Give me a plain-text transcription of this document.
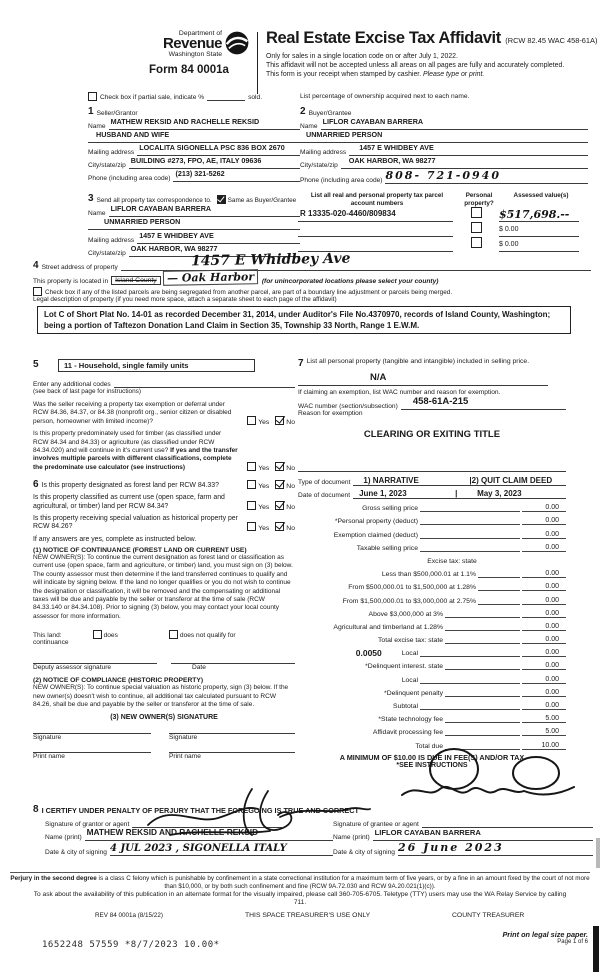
Department of
Revenue
Washington State
Form 84 0001a
Real Estate Excise Tax Affidavit (RCW 82.45 WAC 458-61A)
Only for sales in a single location code on or after July 1, 2022.
This affidavit will not be accepted unless all areas on all pages are fully and accurately completed.
This form is your receipt when stamped by cashier. Please type or print.
Check box if partial sale, indicate %	sold.	List percentage of ownership acquired next to each name.
1 Seller/Grantor
Name
MATHEW REKSID AND RACHELLE REKSID
HUSBAND AND WIFE
Mailing address
LOCALITA SIGONELLA PSC 836 BOX 2670
City/state/zip
BUILDING #273, FPO, AE, ITALY 09636
Phone (including area code)
(213) 321-5262
2 Buyer/Grantee
Name
LIFLOR CAYABAN BARRERA
UNMARRIED PERSON
Mailing address
1457 E WHIDBEY AVE
City/state/zip
OAK HARBOR, WA 98277
Phone (including area code) 808- 721-0940
3 Send all property tax correspondence to.	Same as Buyer/Grantee
Name
LIFLOR CAYABAN BARRERA
UNMARRIED PERSON
Mailing address
1457 E WHIDBEY AVE
City/state/zip
OAK HARBOR, WA 98277
List all real and personal property tax parcel account numbers
Personal property?
Assessed value(s)
R 13335-020-4460/809834	$517,698.--
$ 0.00
$ 0.00
4 Street address of property	1457 E Whidbey Ave
This property is located in	Island County — Oak Harbor	(for unincorporated locations please select your county)
Check box if any of the listed parcels are being segregated from another parcel, are part of a boundary line adjustment or parcels being merged.
Legal description of property (if you need more space, attach a separate sheet to each page of the affidavit)
Lot C of Short Plat No. 14-01 as recorded December 31, 2014, under Auditor's File No.4370970, records of Island County, Washington; being a portion of Taftezon Donation Land Claim in Section 35, Township 33 North, Range 1 E.W.M.
5	11 - Household, single family units
Enter any additional codes
(see back of last page for instructions)
Was the seller receiving a property tax exemption or deferral under RCW 84.36, 84.37, or 84.38 (nonprofit org., senior citizen or disabled person, homeowner with limited income)?	Yes	No
Is this property predominately used for timber (as classified under RCW 84.34 and 84.33) or agriculture (as classified under RCW 84.34.020) and will continue in it's current use? If yes and the transfer involves multiple parcels with different classifications, complete the predominate use calculator (see instructions)	Yes	No
6 Is this property designated as forest land per RCW 84.33?	Yes	No
Is this property classified as current use (open space, farm and agricultural, or timber) land per RCW 84.34?	Yes	No
Is this property receiving special valuation as historical property per RCW 84.26?	Yes	No
If any answers are yes, complete as instructed below.
(1) NOTICE OF CONTINUANCE (FOREST LAND OR CURRENT USE)
NEW OWNER(S): To continue the current designation as forest land or classification as current use (open space, farm and agriculture, or timber) land, you must sign on (3) below. The county assessor must then determine if the land transferred continues to qualify and will indicate by signing below. If the land no longer qualifies or you do not wish to continue the designation or classification, it will be removed and the compensating or additional taxes will be due and payable by the seller or transferor at the time of sale (RCW 84.33.140 or 84.34.108). Prior to signing (3) below, you may contact your local county assessor for more information.
This land:	does	does not qualify for
continuance
Deputy assessor signature	Date
(2) NOTICE OF COMPLIANCE (HISTORIC PROPERTY)
NEW OWNER(S): To continue special valuation as historic property, sign (3) below. If the new owner(s) doesn't wish to continue, all additional tax calculated pursuant to RCW 84.26, shall be due and payable by the seller or transferor at the time of sale.
(3) NEW OWNER(S) SIGNATURE
Signature	Signature
Print name	Print name
7 List all personal property (tangible and intangible) included in selling price.
N/A
If claiming an exemption, list WAC number and reason for exemption.
WAC number (section/subsection)	458-61A-215
Reason for exemption
CLEARING OR EXITING TITLE
Type of document	1) NARRATIVE	|2) QUIT CLAIM DEED
Date of document	June 1, 2023	|	May 3, 2023
Gross selling price	0.00
*Personal property (deduct)	0.00
Exemption claimed (deduct)	0.00
Taxable selling price	0.00
Excise tax: state
Less than $500,000.01 at 1.1%	0.00
From $500,000.01 to $1,500,000 at 1.28%	0.00
From $1,500,000.01 to $3,000,000 at 2.75%	0.00
Above $3,000,000 at 3%	0.00
Agricultural and timberland at 1.28%	0.00
Total excise tax: state	0.00
0.0050	Local	0.00
*Delinquent interest. state	0.00
Local	0.00
*Delinquent penalty	0.00
Subtotal	0.00
*State technology fee	5.00
Affidavit processing fee	5.00
Total due	10.00
A MINIMUM OF $10.00 IS DUE IN FEE(S) AND/OR TAX
*SEE INSTRUCTIONS
8 I CERTIFY UNDER PENALTY OF PERJURY THAT THE FOREGOING IS TRUE AND CORRECT
Signature of grantor or agent
Name (print)
MATHEW REKSID AND RACHELLE REKSID
Date & city of signing 4 JUL 2023 , SIGONELLA ITALY
Signature of grantee or agent
Name (print)
LIFLOR CAYABAN BARRERA
Date & city of signing 26 June 2023
Perjury in the second degree is a class C felony which is punishable by confinement in a state correctional institution for a maximum term of five years, or by a fine in an amount fixed by the court of not more than $10,000, or by both such confinement and fine (RCW 9A.72.030 and RCW 9A.20.021(1)(c)).
To ask about the availability of this publication in an alternate format for the visually impaired, please call 360-705-6705. Teletype (TTY) users may use the WA Relay Service by calling 711.
REV 84 0001a (8/15/22)	THIS SPACE TREASURER'S USE ONLY	COUNTY TREASURER
1652248 57559 *8/7/2023 10.00*
Print on legal size paper.
Page 1 of 6
